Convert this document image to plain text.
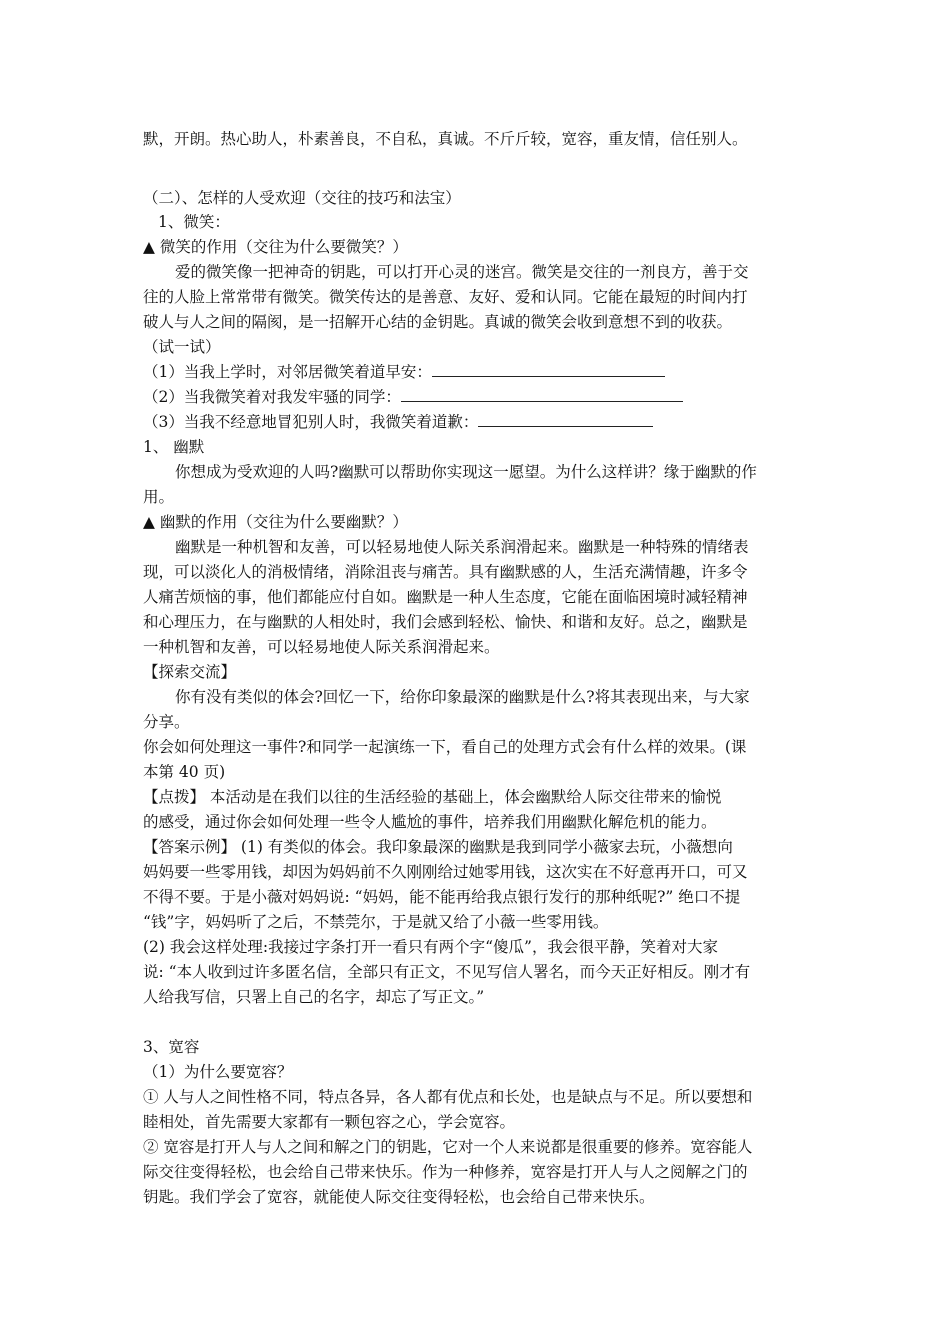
默，开朗。热心助人，朴素善良，不自私，真诚。不斤斤较，宽容，重友情，信任别人。
（二）、怎样的人受欢迎（交往的技巧和法宝）
1、微笑：
▲ 微笑的作用（交往为什么要微笑？）
爱的微笑像一把神奇的钥匙，可以打开心灵的迷宫。微笑是交往的一剂良方，善于交
往的人脸上常常带有微笑。微笑传达的是善意、友好、爱和认同。它能在最短的时间内打
破人与人之间的隔阂，是一招解开心结的金钥匙。真诚的微笑会收到意想不到的收获。
（试一试）
（1）当我上学时，对邻居微笑着道早安：
（2）当我微笑着对我发牢骚的同学：
（3）当我不经意地冒犯别人时，我微笑着道歉：
1、 幽默
你想成为受欢迎的人吗?幽默可以帮助你实现这一愿望。为什么这样讲？缘于幽默的作
用。
▲ 幽默的作用（交往为什么要幽默？）
幽默是一种机智和友善，可以轻易地使人际关系润滑起来。幽默是一种特殊的情绪表
现，可以淡化人的消极情绪，消除沮丧与痛苦。具有幽默感的人，生活充满情趣，许多令
人痛苦烦恼的事，他们都能应付自如。幽默是一种人生态度，它能在面临困境时减轻精神
和心理压力，在与幽默的人相处时，我们会感到轻松、愉快、和谐和友好。总之，幽默是
一种机智和友善，可以轻易地使人际关系润滑起来。
【探索交流】
你有没有类似的体会?回忆一下，给你印象最深的幽默是什么?将其表现出来，与大家
分享。
你会如何处理这一事件?和同学一起演练一下，看自己的处理方式会有什么样的效果。(课
本第 40 页)
【点拨】 本活动是在我们以往的生活经验的基础上，体会幽默给人际交往带来的愉悦
的感受，通过你会如何处理一些令人尴尬的事件，培养我们用幽默化解危机的能力。
【答案示例】 (1) 有类似的体会。我印象最深的幽默是我到同学小薇家去玩，小薇想向
妈妈要一些零用钱，却因为妈妈前不久刚刚给过她零用钱，这次实在不好意再开口，可又
不得不要。于是小薇对妈妈说: “妈妈，能不能再给我点银行发行的那种纸呢?” 绝口不提
“钱”字，妈妈听了之后，不禁莞尔，于是就又给了小薇一些零用钱。
(2) 我会这样处理:我接过字条打开一看只有两个字“傻瓜”，我会很平静，笑着对大家
说: “本人收到过许多匿名信，全部只有正文，不见写信人署名，而今天正好相反。刚才有
人给我写信，只署上自己的名字，却忘了写正文。”
3、宽容
（1）为什么要宽容？
① 人与人之间性格不同，特点各异，各人都有优点和长处，也是缺点与不足。所以要想和
睦相处，首先需要大家都有一颗包容之心，学会宽容。
② 宽容是打开人与人之间和解之门的钥匙，它对一个人来说都是很重要的修养。宽容能人
际交往变得轻松，也会给自己带来快乐。作为一种修养，宽容是打开人与人之阅解之门的
钥匙。我们学会了宽容，就能使人际交往变得轻松，也会给自己带来快乐。
